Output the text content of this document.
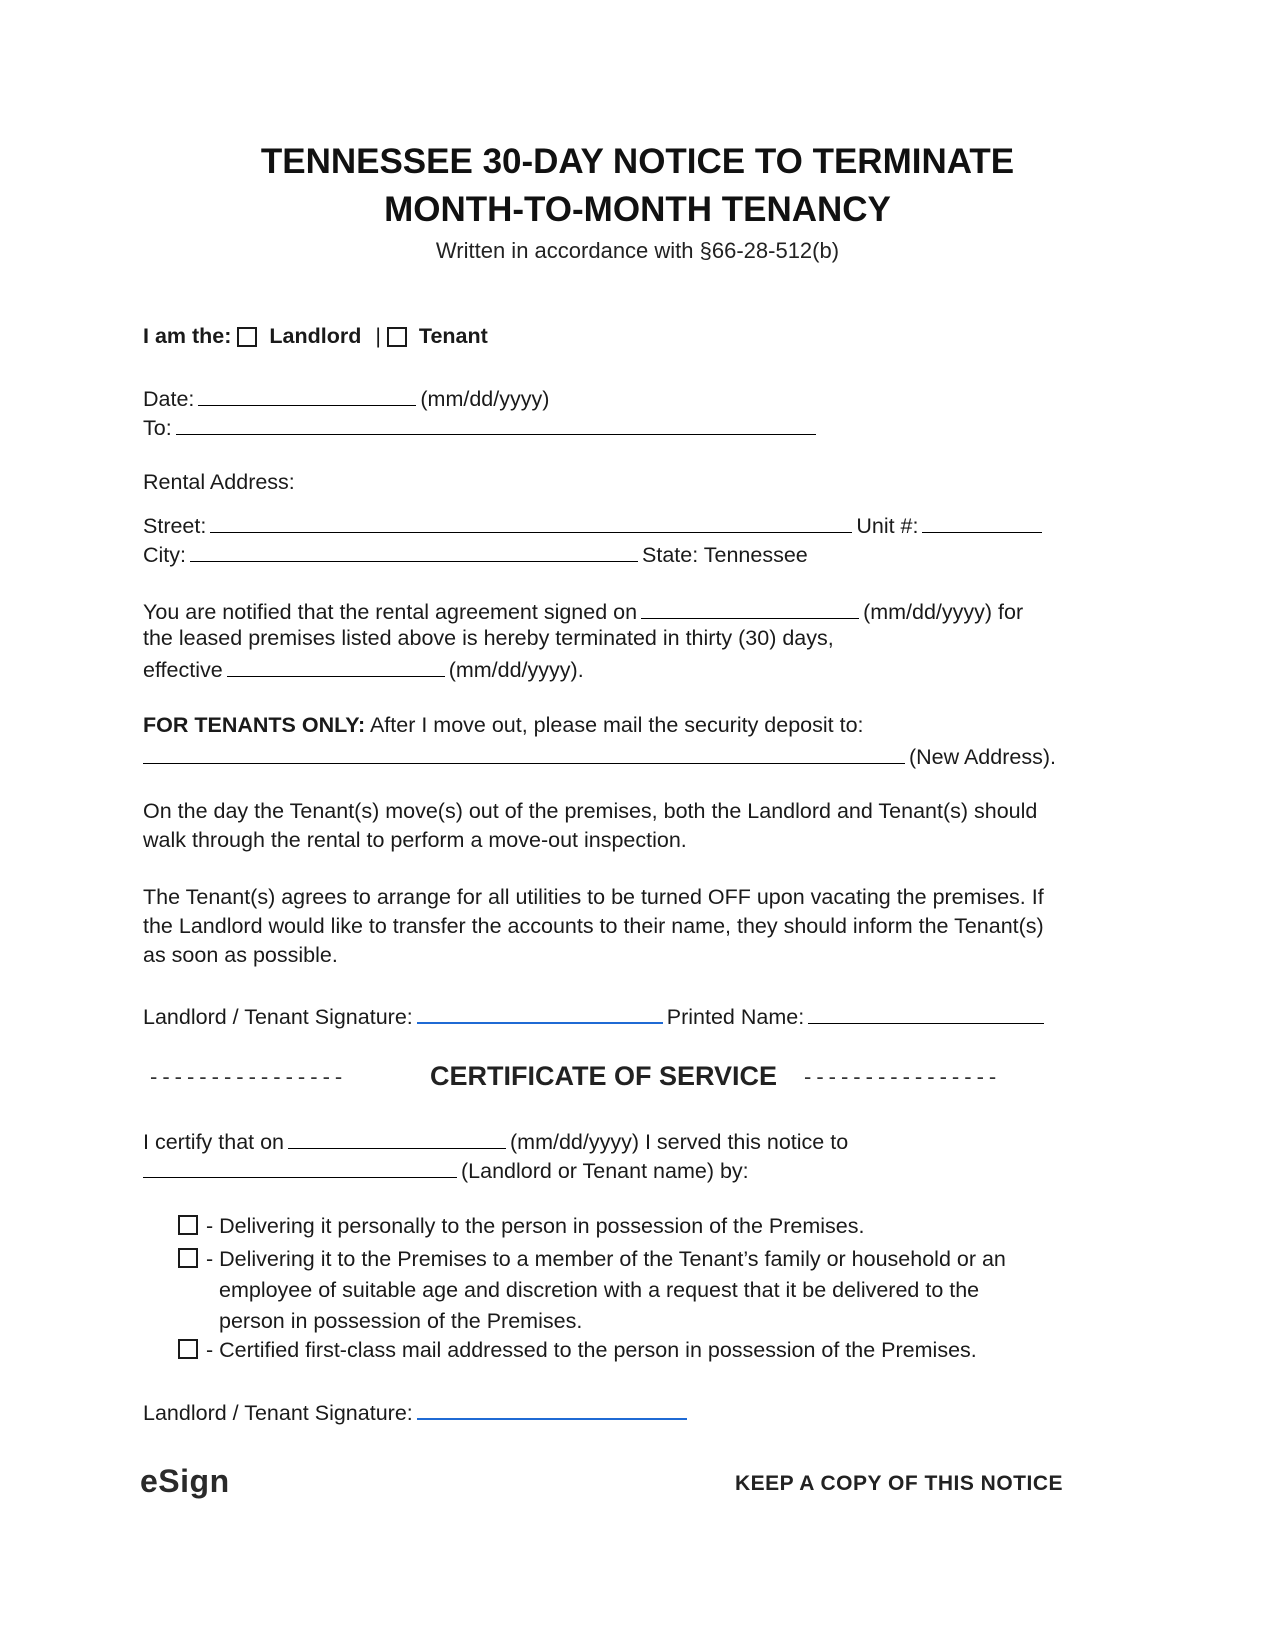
TENNESSEE 30-DAY NOTICE TO TERMINATE
MONTH-TO-MONTH TENANCY
Written in accordance with §66-28-512(b)
I am the: Landlord | Tenant
Date:	(mm/dd/yyyy)
To:
Rental Address:
Street:	Unit #:
City:	State: Tennessee
You are notified that the rental agreement signed on	(mm/dd/yyyy) for
the leased premises listed above is hereby terminated in thirty (30) days,
effective	(mm/dd/yyyy).
FOR TENANTS ONLY: After I move out, please mail the security deposit to:
(New Address).
On the day the Tenant(s) move(s) out of the premises, both the Landlord and Tenant(s) should
walk through the rental to perform a move-out inspection.
The Tenant(s) agrees to arrange for all utilities to be turned OFF upon vacating the premises. If
the Landlord would like to transfer the accounts to their name, they should inform the Tenant(s)
as soon as possible.
Landlord / Tenant Signature:	Printed Name:
----------------	CERTIFICATE OF SERVICE ----------------
I certify that on	(mm/dd/yyyy) I served this notice to
(Landlord or Tenant name) by:
- Delivering it personally to the person in possession of the Premises.
- Delivering it to the Premises to a member of the Tenant’s family or household or an
employee of suitable age and discretion with a request that it be delivered to the
person in possession of the Premises.
- Certified first-class mail addressed to the person in possession of the Premises.
Landlord / Tenant Signature:
eSign	KEEP A COPY OF THIS NOTICE
